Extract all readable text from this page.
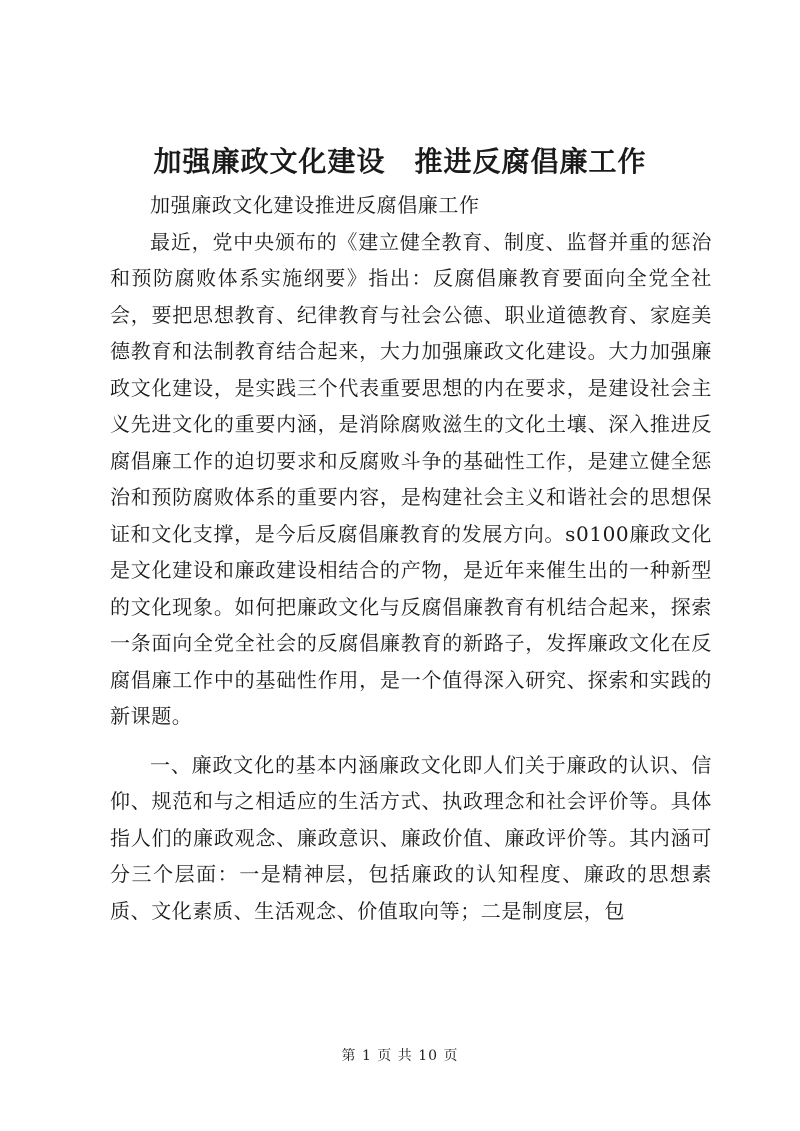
加强廉政文化建设　推进反腐倡廉工作

加强廉政文化建设推进反腐倡廉工作

最近，党中央颁布的《建立健全教育、制度、监督并重的惩治和预防腐败体系实施纲要》指出：反腐倡廉教育要面向全党全社会，要把思想教育、纪律教育与社会公德、职业道德教育、家庭美德教育和法制教育结合起来，大力加强廉政文化建设。大力加强廉政文化建设，是实践三个代表重要思想的内在要求，是建设社会主义先进文化的重要内涵，是消除腐败滋生的文化土壤、深入推进反腐倡廉工作的迫切要求和反腐败斗争的基础性工作，是建立健全惩治和预防腐败体系的重要内容，是构建社会主义和谐社会的思想保证和文化支撑，是今后反腐倡廉教育的发展方向。s0100廉政文化是文化建设和廉政建设相结合的产物，是近年来催生出的一种新型的文化现象。如何把廉政文化与反腐倡廉教育有机结合起来，探索一条面向全党全社会的反腐倡廉教育的新路子，发挥廉政文化在反腐倡廉工作中的基础性作用，是一个值得深入研究、探索和实践的新课题。

一、廉政文化的基本内涵廉政文化即人们关于廉政的认识、信仰、规范和与之相适应的生活方式、执政理念和社会评价等。具体指人们的廉政观念、廉政意识、廉政价值、廉政评价等。其内涵可分三个层面：一是精神层，包括廉政的认知程度、廉政的思想素质、文化素质、生活观念、价值取向等；二是制度层，包

第 1 页 共 10 页
